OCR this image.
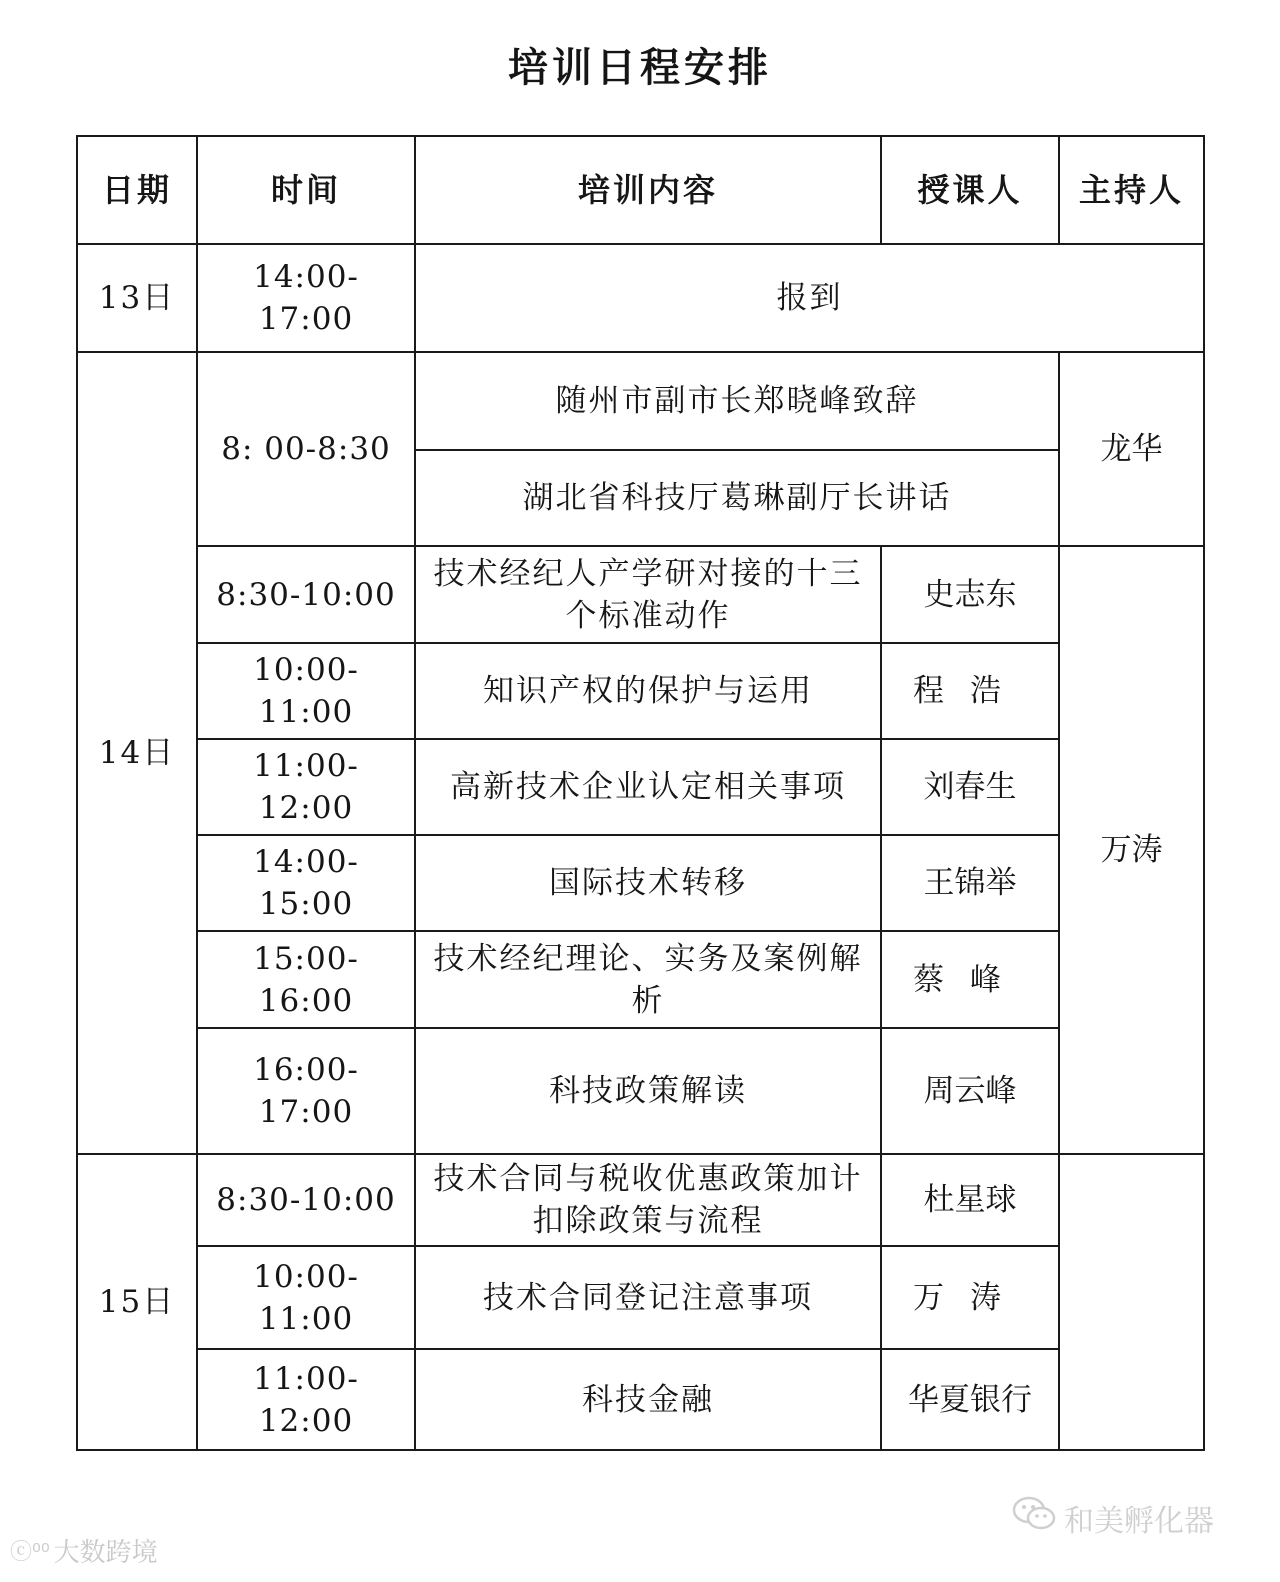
培训日程安排
日期	时间	培训内容	授课人	主持人
13日	14:00-17:00	报到		
14日	8: 00-8:30	随州市副市长郑晓峰致辞		龙华
		湖北省科技厅葛琳副厅长讲话		
	8:30-10:00	技术经纪人产学研对接的十三个标准动作	史志东	万涛
	10:00-11:00	知识产权的保护与运用	程浩	
	11:00-12:00	高新技术企业认定相关事项	刘春生	
	14:00-15:00	国际技术转移	王锦举	
	15:00-16:00	技术经纪理论、实务及案例解析	蔡峰	
	16:00-17:00	科技政策解读	周云峰	
15日	8:30-10:00	技术合同与税收优惠政策加计扣除政策与流程	杜星球	
	10:00-11:00	技术合同登记注意事项	万涛	
	11:00-12:00	科技金融	华夏银行	
ⓒ⁰⁰ 大数跨境
和美孵化器
